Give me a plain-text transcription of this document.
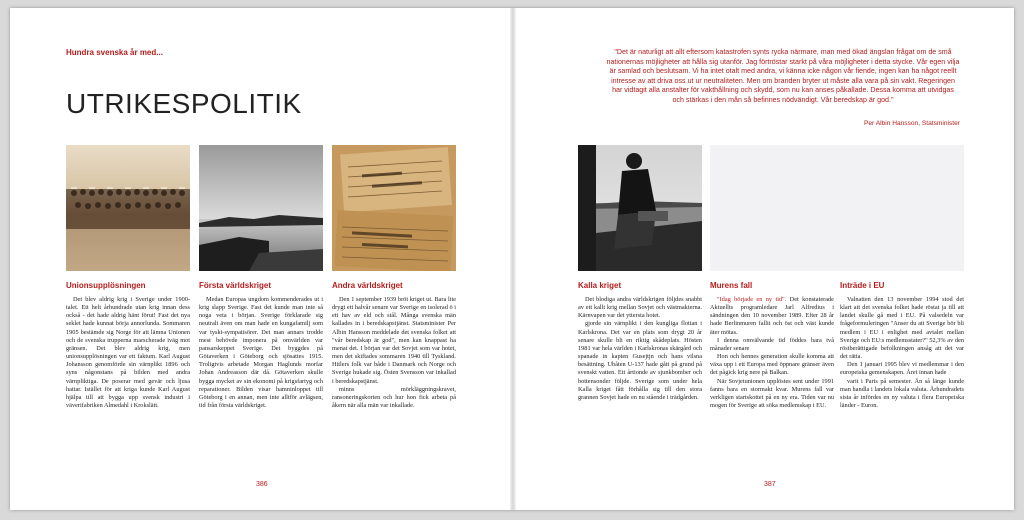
Hundra svenska år med...
UTRIKESPOLITIK
Unionsupplösningen

Det blev aldrig krig i Sverige under 1900-talet. Ett helt århundrade utan krig innan dess också - det hade aldrig hänt förut! Fast det nya seklet hade kunnat börja annorlunda. Sommaren 1905 bestämde sig Norge för att lämna Unionen och de svenska trupperna marscherade iväg mot gränsen. Det blev aldrig krig, men unionsupplösningen var ett faktum. Karl August Johansson genomförde sin värnplikt 1896 och syns någonstans på bilden med andra värnpliktiga. De poserar med gevär och ljusa hattar. Istället för att kriga kunde Karl August hjälpa till att bygga upp svensk industri i väverifabriken Almedahl i Krokslätt.

Första världskriget

Medan Europas ungdom kommenderades ut i krig slapp Sverige. Fast det kunde man inte så noga veta i början. Sverige förklarade sig neutralt även om man hade en kungafamilj som var tyskt-sympatisörer. Det man annars trodde mest behövde imponera på omvärlden var pansarskeppet Sverige. Det byggdes på Götaverken i Göteborg och sjösattes 1915. Troligtvis arbetade Morgan Haglunds morfar Johan Andreasson där då. Götaverken skulle bygga mycket av sin ekonomi på krigsfartyg och reparationer. Bilden visar hamninloppet till Göteborg i en annan, men inte alltför avlägsen, tid från första världskriget.

Andra världskriget

Den 1 september 1939 bröt kriget ut. Bara lite drygt ett halvår senare var Sverige en isolerad ö i ett hav av eld och stål. Många svenska män kallades in i beredskapstjänst. Statsminister Per Albin Hansson meddelade det svenska folket att "vår beredskap är god", men kan knappast ha menat det. I början var det Sovjet som var hotet, men det skiftades sommaren 1940 till Tyskland. Hitlers folk var både i Danmark och Norge och Sverige hukade sig. Östen Svensson var inkallad i beredskapstjänst.

minns mörkläggningskravet, ransoneringskorten och hur hon fick arbeta på åkern när alla män var inkallade.

386
"Det är naturligt att allt eftersom katastrofen synts rycka närmare, man med ökad ängslan frågat om de små nationernas möjligheter att hålla sig utanför. Jag förtröstar starkt på våra möjligheter i detta stycke. Vår egen vilja är samlad och beslutsam. Vi ha intet otalt med andra, vi känna icke någon vår fiende, ingen kan ha något reellt intresse av att driva oss ut ur neutraliteten. Men om branden bryter ut måste alla vara på sin vakt. Regeringen har vidtagit alla anstalter för vakthållning och skydd, som nu kan anses påkallade. Dessa komma att utvidgas och stärkas i den mån så befinnes nödvändigt. Vår beredskap är god."
Per Albin Hansson, Statsminister
Kalla kriget

Det blodiga andra världskrigen följdes snabbt av ett kallt krig mellan Sovjet och västmakterna. Kärnvapen var det yttersta hotet.

gjorde sin värnplikt i den kungliga flottan i Karlskrona. Det var en plats som drygt 20 år senare skulle bli en riktig skådeplats. Hösten 1981 var hela världen i Karlskronas skärgård och spanade in kapten Gusejtjn och hans vilsna besättning. Ubåten U-137 hade gått på grund på svenskt vatten. Ett årtionde av sjunkbomber och bottensonder följde. Sverige som under hela Kalla kriget fått förhålla sig till den stora grannen Sovjet hade en nu stående i trädgården.

Murens fall

"Idag började en ny tid". Det konstaterade Aktuellts programledare Jarl Alfredius i sändningen den 10 november 1989. Efter 28 år hade Berlinmuren fallit och öst och väst kunde äter mötas.

I denna omvälvande tid föddes bara två månader senare

Hon och hennes generation skulle komma att växa upp i ett Europa med öppnare gränser även det pågick krig nere på Balkan.

När Sovjetunionen upplöstes sent under 1991 fanns bara en stormakt kvar. Murens fall var verkligen startskottet på en ny era. Tiden var nu mogen för Sverige att söka medlemskap i EU.

Inträde i EU

Valnatten den 13 november 1994 stod det klart att det svenska folket hade röstat ja till att landet skulle gå med i EU. På valsedeln var frågeformuleringen "Anser du att Sverige bör bli medlem i EU i enlighet med avtalet mellan Sverige och EU:s medlemsstater?" 52,3% av den röstberättigade befolkningen ansåg att det var det rätta.

Den 1 januari 1995 blev vi medlemmar i den europeiska gemenskapen. Året innan hade

varit i Paris på semester. Än så länge kunde man handla i landets lokala valuta. Århundradets sista år infördes en ny valuta i flera Europeiska länder - Euron.

387
